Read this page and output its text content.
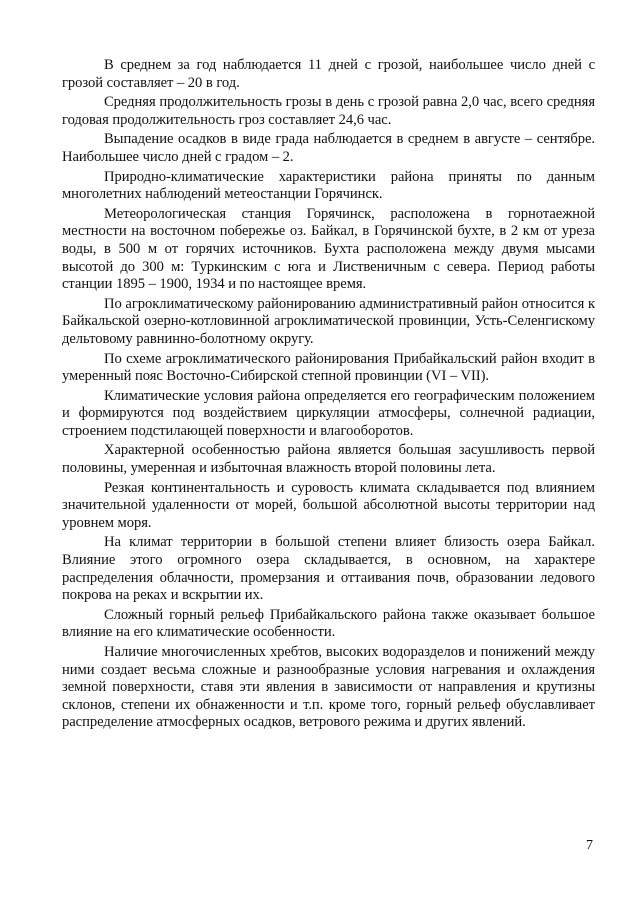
В среднем за год наблюдается 11 дней с грозой, наибольшее число дней с грозой составляет – 20 в год.

Средняя продолжительность грозы в день с грозой равна 2,0 час, всего средняя годовая продолжительность гроз составляет 24,6 час.

Выпадение осадков в виде града наблюдается в среднем в августе – сентябре. Наибольшее число дней с градом – 2.

Природно-климатические характеристики района приняты по данным многолетних наблюдений метеостанции Горячинск.

Метеорологическая станция Горячинск, расположена в горнотаежной местности на восточном побережье оз. Байкал, в Горячинской бухте, в 2 км от уреза воды, в 500 м от горячих источников. Бухта расположена между двумя мысами высотой до 300 м: Туркинским с юга и Лиственичным с севера. Период работы станции 1895 – 1900, 1934 и по настоящее время.

По агроклиматическому районированию административный район относится к Байкальской озерно-котловинной агроклиматической провинции, Усть-Селенгискому дельтовому равнинно-болотному округу.

По схеме агроклиматического районирования Прибайкальский район входит в умеренный пояс Восточно-Сибирской степной провинции (VI – VII).

Климатические условия района определяется его географическим положением и формируются под воздействием циркуляции атмосферы, солнечной радиации, строением подстилающей поверхности и влагооборотов.

Характерной особенностью района является большая засушливость первой половины, умеренная и избыточная влажность второй половины лета.

Резкая континентальность и суровость климата складывается под влиянием значительной удаленности от морей, большой абсолютной высоты территории над уровнем моря.

На климат территории в большой степени влияет близость озера Байкал. Влияние этого огромного озера складывается, в основном, на характере распределения облачности, промерзания и оттаивания почв, образовании ледового покрова на реках и вскрытии их.

Сложный горный рельеф Прибайкальского района также оказывает большое влияние на его климатические особенности.

Наличие многочисленных хребтов, высоких водоразделов и понижений между ними создает весьма сложные и разнообразные условия нагревания и охлаждения земной поверхности, ставя эти явления в зависимости от направления и крутизны склонов, степени их обнаженности и т.п. кроме того, горный рельеф обуславливает распределение атмосферных осадков, ветрового режима и других явлений.

7
